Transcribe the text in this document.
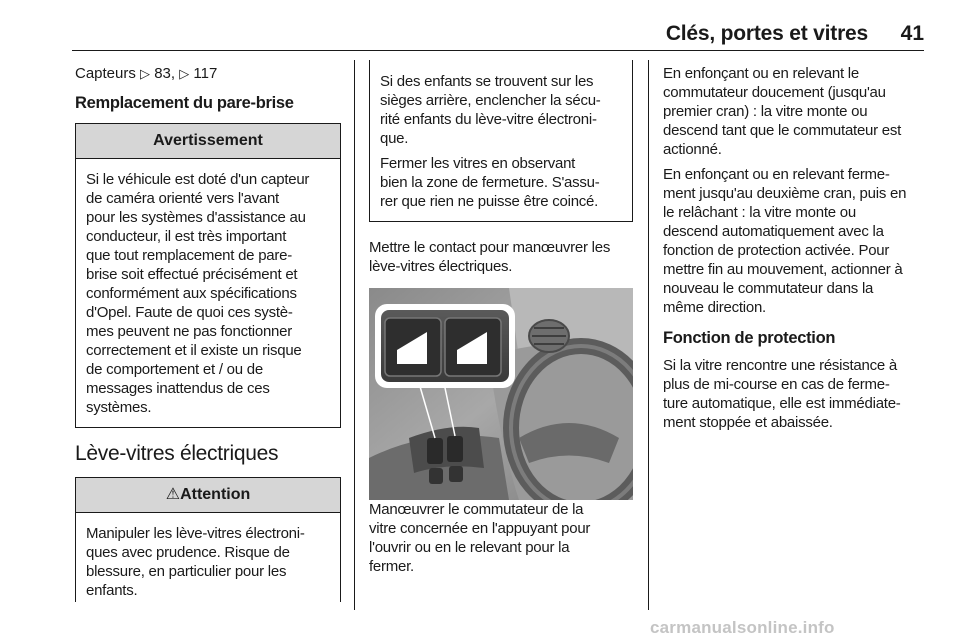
Clés, portes et vitres 41

Capteurs ▷ 83, ▷ 117

Remplacement du pare-brise

Avertissement

Si le véhicule est doté d'un capteur

de caméra orienté vers l'avant

pour les systèmes d'assistance au

conducteur, il est très important

que tout remplacement de pare-

brise soit effectué précisément et

conformément aux spécifications

d'Opel. Faute de quoi ces systè-

mes peuvent ne pas fonctionner

correctement et il existe un risque

de comportement et / ou de

messages inattendus de ces

systèmes.

Lève-vitres électriques

⚠Attention

Manipuler les lève-vitres électroni-

ques avec prudence. Risque de

blessure, en particulier pour les

enfants.

Si des enfants se trouvent sur les

sièges arrière, enclencher la sécu-

rité enfants du lève-vitre électroni-

que.

Fermer les vitres en observant

bien la zone de fermeture. S'assu-

rer que rien ne puisse être coincé.

Mettre le contact pour manœuvrer les

lève-vitres électriques.

Manœuvrer le commutateur de la

vitre concernée en l'appuyant pour

l'ouvrir ou en le relevant pour la

fermer.

En enfonçant ou en relevant le

commutateur doucement (jusqu'au

premier cran) : la vitre monte ou

descend tant que le commutateur est

actionné.

En enfonçant ou en relevant ferme-

ment jusqu'au deuxième cran, puis en

le relâchant : la vitre monte ou

descend automatiquement avec la

fonction de protection activée. Pour

mettre fin au mouvement, actionner à

nouveau le commutateur dans la

même direction.

Fonction de protection

Si la vitre rencontre une résistance à

plus de mi-course en cas de ferme-

ture automatique, elle est immédiate-

ment stoppée et abaissée.

carmanualsonline.info
